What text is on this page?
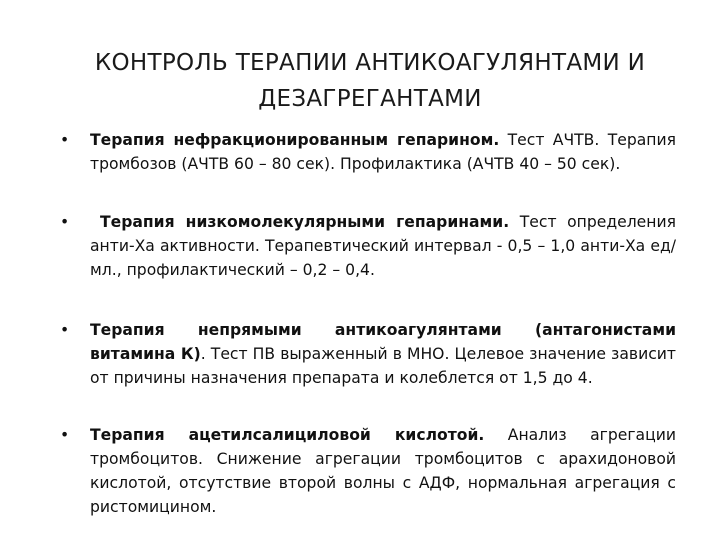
КОНТРОЛЬ ТЕРАПИИ АНТИКОАГУЛЯНТАМИ И ДЕЗАГРЕГАНТАМИ
• Терапия нефракционированным гепарином. Тест АЧТВ. Терапия тромбозов (АЧТВ 60 – 80 сек). Профилактика (АЧТВ 40 – 50 сек).
• Терапия низкомолекулярными гепаринами. Тест определения анти-Ха активности. Терапевтический интервал - 0,5 – 1,0 анти-Ха ед/мл., профилактический – 0,2 – 0,4.
• Терапия непрямыми антикоагулянтами (антагонистами витамина К). Тест ПВ выраженный в МНО. Целевое значение зависит от причины назначения препарата и колеблется от 1,5 до 4.
• Терапия ацетилсалициловой кислотой. Анализ агрегации тромбоцитов. Снижение агрегации тромбоцитов с арахидоновой кислотой, отсутствие второй волны с АДФ, нормальная агрегация с ристомицином.
